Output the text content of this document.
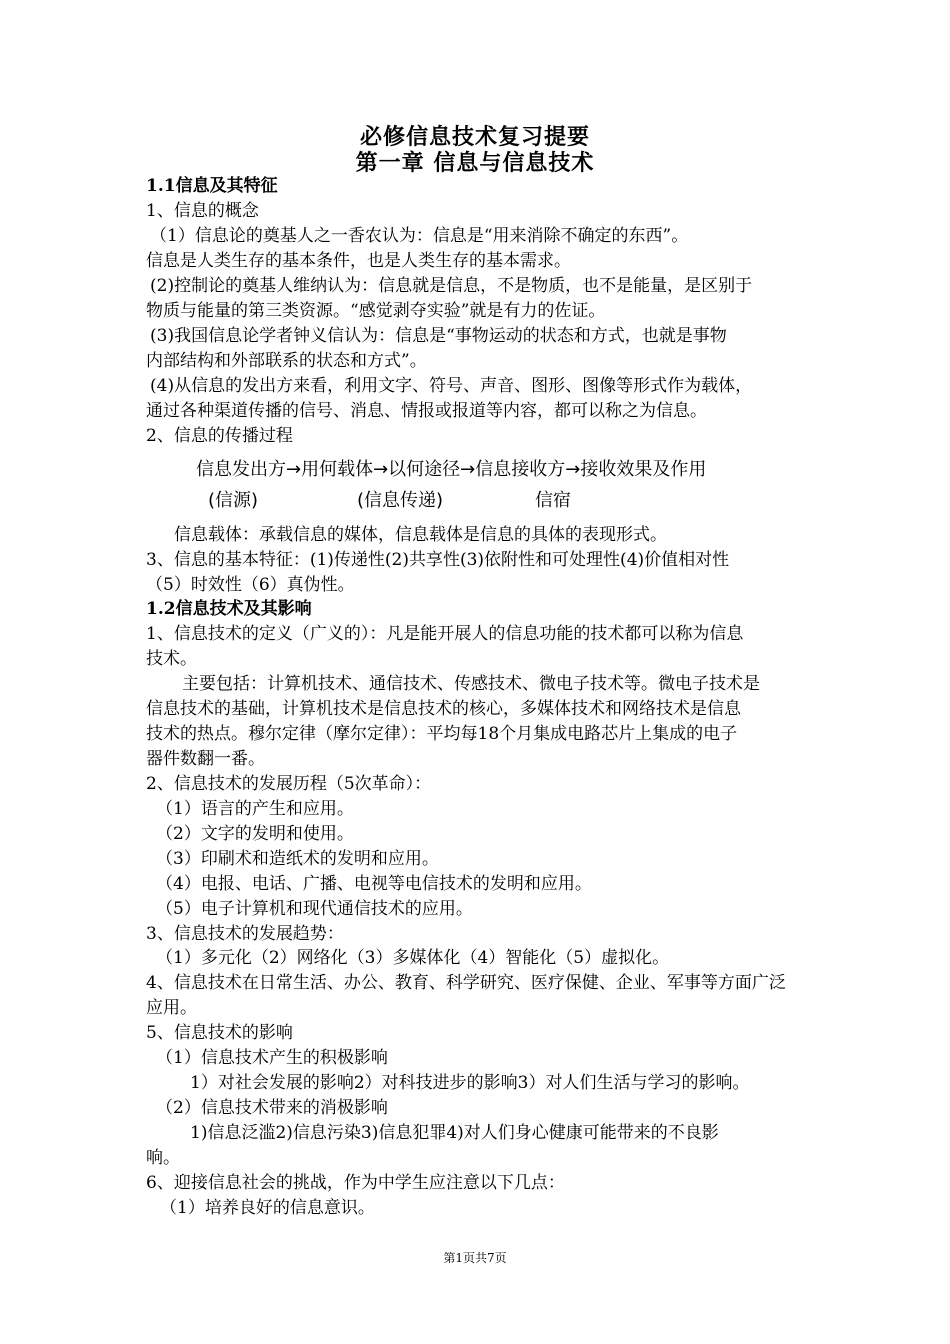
必修信息技术复习提要
第一章 信息与信息技术
1.1信息及其特征
1、信息的概念
（1）信息论的奠基人之一香农认为：信息是“用来消除不确定的东西”。
信息是人类生存的基本条件，也是人类生存的基本需求。
(2)控制论的奠基人维纳认为：信息就是信息，不是物质，也不是能量，是区别于
物质与能量的第三类资源。“感觉剥夺实验”就是有力的佐证。
(3)我国信息论学者钟义信认为：信息是“事物运动的状态和方式，也就是事物
内部结构和外部联系的状态和方式”。
(4)从信息的发出方来看，利用文字、符号、声音、图形、图像等形式作为载体，
通过各种渠道传播的信号、消息、情报或报道等内容，都可以称之为信息。
2、信息的传播过程
信息发出方→用何载体→以何途径→信息接收方→接收效果及作用
(信源)	(信息传递)	信宿
信息载体：承载信息的媒体，信息载体是信息的具体的表现形式。
3、信息的基本特征：(1)传递性(2)共享性(3)依附性和可处理性(4)价值相对性
（5）时效性（6）真伪性。
1.2信息技术及其影响
1、信息技术的定义（广义的）：凡是能开展人的信息功能的技术都可以称为信息
技术。
主要包括：计算机技术、通信技术、传感技术、微电子技术等。微电子技术是
信息技术的基础，计算机技术是信息技术的核心，多媒体技术和网络技术是信息
技术的热点。穆尔定律（摩尔定律）：平均每18个月集成电路芯片上集成的电子
器件数翻一番。
2、信息技术的发展历程（5次革命）：
（1）语言的产生和应用。
（2）文字的发明和使用。
（3）印刷术和造纸术的发明和应用。
（4）电报、电话、广播、电视等电信技术的发明和应用。
（5）电子计算机和现代通信技术的应用。
3、信息技术的发展趋势：
（1）多元化（2）网络化（3）多媒体化（4）智能化（5）虚拟化。
4、信息技术在日常生活、办公、教育、科学研究、医疗保健、企业、军事等方面广泛
应用。
5、信息技术的影响
（1）信息技术产生的积极影响
1）对社会发展的影响2）对科技进步的影响3）对人们生活与学习的影响。
（2）信息技术带来的消极影响
1)信息泛滥2)信息污染3)信息犯罪4)对人们身心健康可能带来的不良影
响。
6、迎接信息社会的挑战，作为中学生应注意以下几点：
（1）培养良好的信息意识。
第1页共7页
